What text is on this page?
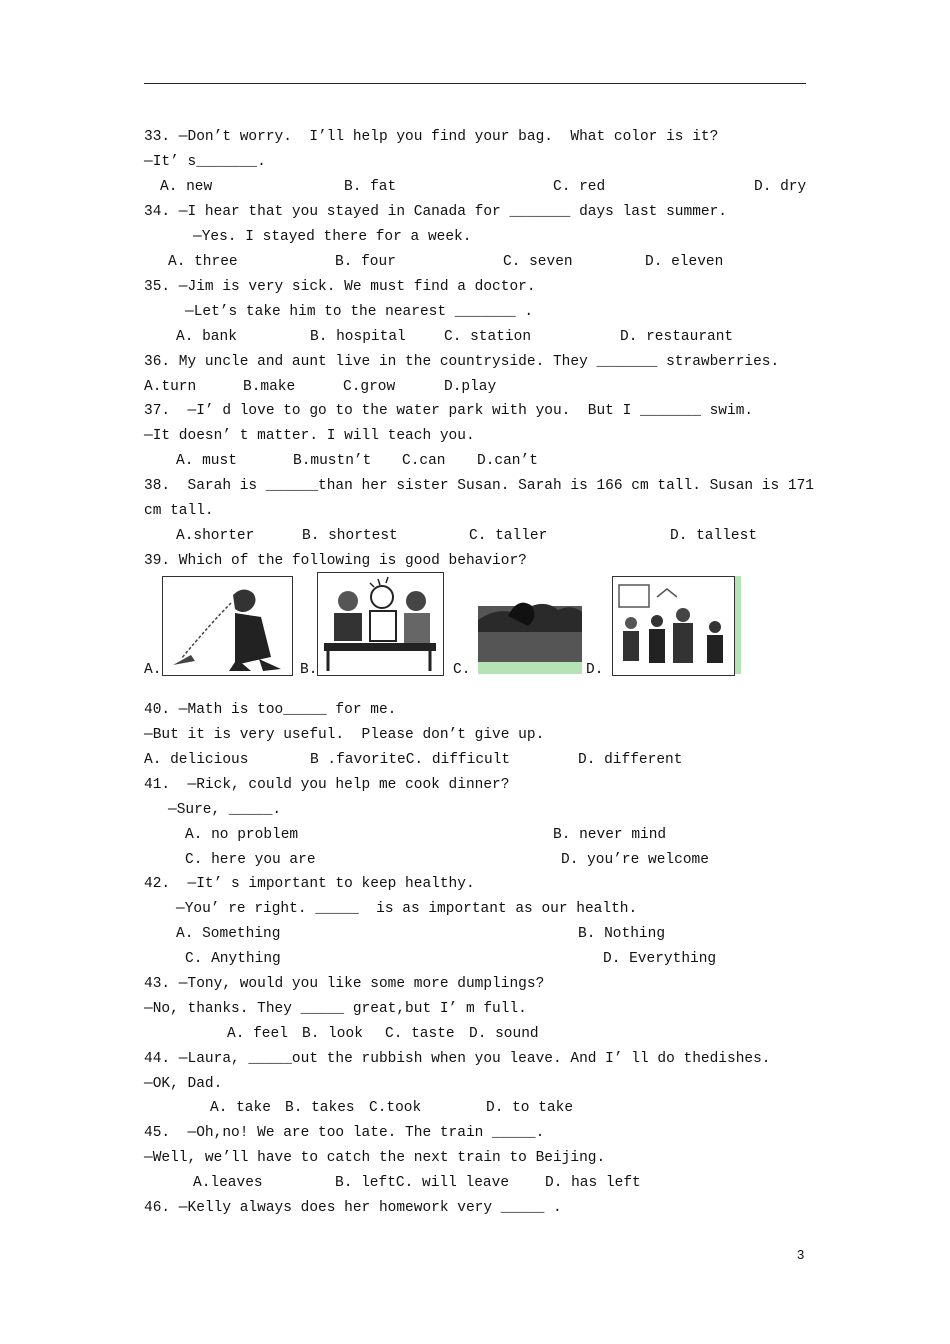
33. —Don’t worry.  I’ll help you find your bag.  What color is it?
—It’ s_______.
A. new	B. fat	C. red	D. dry
34. —I hear that you stayed in Canada for _______ days last summer.
—Yes. I stayed there for a week.
A. three	B. four	C. seven	D. eleven
35. —Jim is very sick. We must find a doctor.
—Let’s take him to the nearest _______ .
A. bank	B. hospital	C. station	D. restaurant
36. My uncle and aunt live in the countryside. They _______ strawberries.
A.turn	B.make	C.grow	D.play
37.  —I’ d love to go to the water park with you.  But I _______ swim.
—It doesn’ t matter. I will teach you.
A. must	B.mustn’t C.can D.can’t
38.  Sarah is ______than her sister Susan. Sarah is 166 cm tall. Susan is 171
cm tall.
A.shorter	B. shortest	C. taller	D. tallest
39. Which of the following is good behavior?
A.	B.	C.	D.
40. —Math is too_____ for me.
—But it is very useful.  Please don’t give up.
A. delicious	B .favoriteC. difficult	D. different
41.  —Rick, could you help me cook dinner?
—Sure, _____.
A. no problem	B. never mind
C. here you are	D. you’re welcome
42.  —It’ s important to keep healthy.
—You’ re right. _____  is as important as our health.
A. Something	B. Nothing
C. Anything	D. Everything
43. —Tony, would you like some more dumplings?
—No, thanks. They _____ great,but I’ m full.
A. feel B. look C. taste D. sound
44. —Laura, _____out the rubbish when you leave. And I’ ll do thedishes.
—OK, Dad.
A. take B. takes C.took	D. to take
45.  —Oh,no! We are too late. The train _____.
—Well, we’ll have to catch the next train to Beijing.
A.leaves	B. leftC. will leave D. has left
46. —Kelly always does her homework very _____ .
3
